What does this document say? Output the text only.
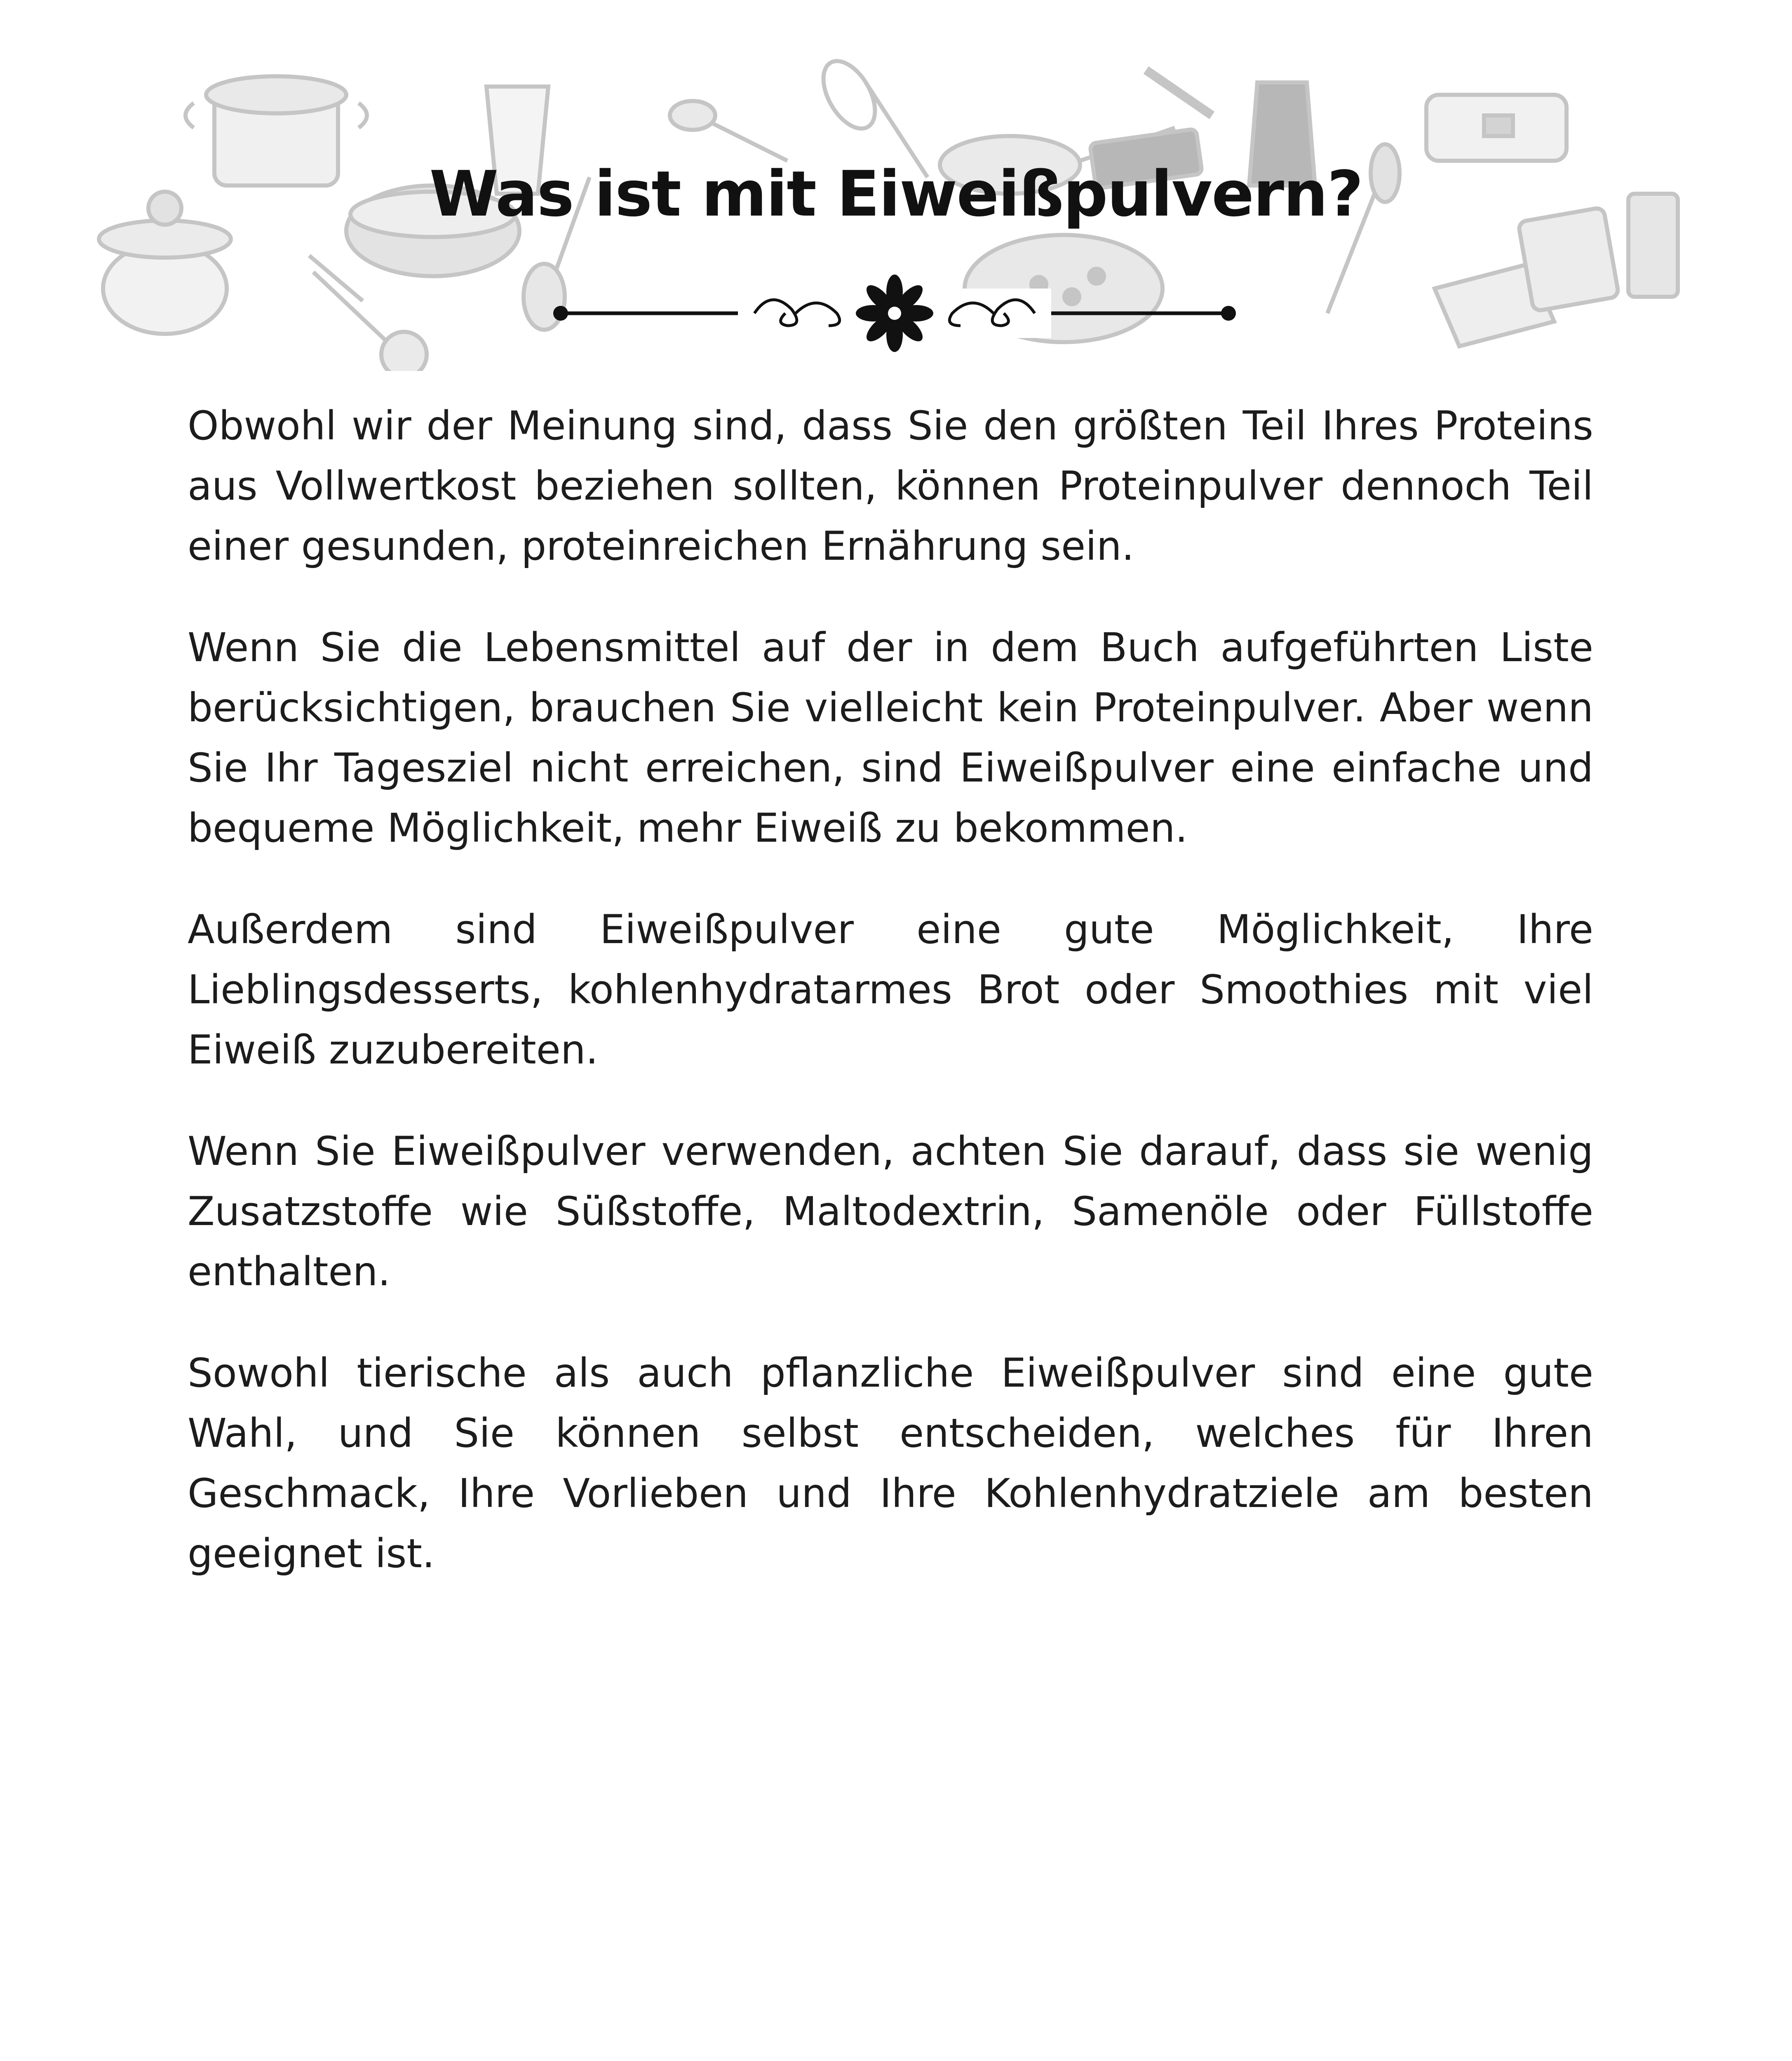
Was ist mit Eiweißpulvern?

Obwohl wir der Meinung sind, dass Sie den größten Teil Ihres Proteins aus Vollwertkost beziehen sollten, können Proteinpulver dennoch Teil einer gesunden, proteinreichen Ernährung sein.

Wenn Sie die Lebensmittel auf der in dem Buch aufgeführten Liste berücksichtigen, brauchen Sie vielleicht kein Proteinpulver. Aber wenn Sie Ihr Tagesziel nicht erreichen, sind Eiweißpulver eine einfache und bequeme Möglichkeit, mehr Eiweiß zu bekommen.

Außerdem sind Eiweißpulver eine gute Möglichkeit, Ihre Lieblingsdesserts, kohlenhydratarmes Brot oder Smoothies mit viel Eiweiß zuzubereiten.

Wenn Sie Eiweißpulver verwenden, achten Sie darauf, dass sie wenig Zusatzstoffe wie Süßstoffe, Maltodextrin, Samenöle oder Füllstoffe enthalten.

Sowohl tierische als auch pflanzliche Eiweißpulver sind eine gute Wahl, und Sie können selbst entscheiden, welches für Ihren Geschmack, Ihre Vorlieben und Ihre Kohlenhydratziele am besten geeignet ist.
